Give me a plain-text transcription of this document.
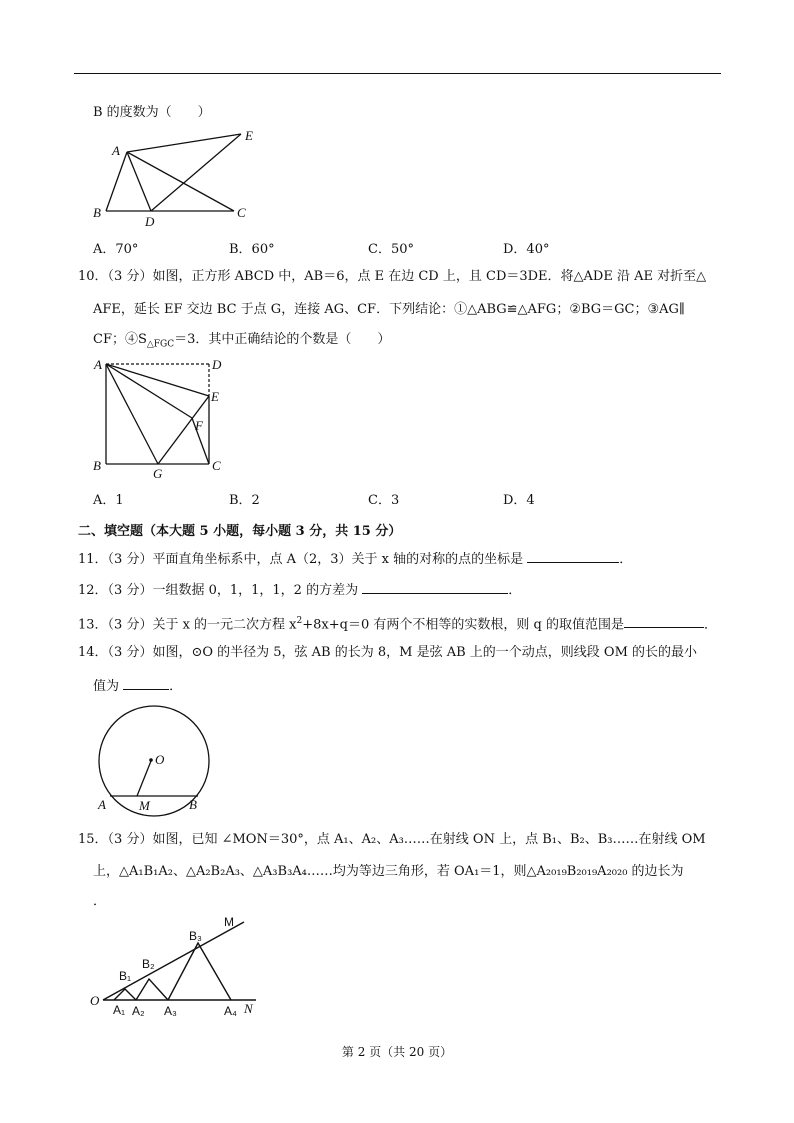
B 的度数为（　　）
A
E
B
D
C
A．70°	B．60°	C．50°	D．40°
10．（3 分）如图，正方形 ABCD 中，AB＝6，点 E 在边 CD 上，且 CD＝3DE．将△ADE 沿 AE 对折至△
AFE，延长 EF 交边 BC 于点 G，连接 AG、CF．下列结论：①△ABG≌△AFG；②BG＝GC；③AG∥
CF；$④S_{\triangle FGC}=3$．其中正确结论的个数是（　　）
A	D
E
F
B
G
C
A．1	B．2	C．3	D．4
二、填空题（本大题 5 小题，每小题 3 分，共 15 分）
11．（3 分）平面直角坐标系中，点 A（2，3）关于 x 轴的对称的点的坐标是	．
12．（3 分）一组数据 0，1，1，1，2 的方差为	．
13．（3 分）关于 x 的一元二次方程 $x^2+8x+q=0$ 有两个不相等的实数根，则 q 的取值范围是	．
14．（3 分）如图，⊙O 的半径为 5，弦 AB 的长为 8，M 是弦 AB 上的一个动点，则线段 OM 的长的最小
值为	．
O
A	M	B
15．（3 分）如图，已知 ∠MON＝30°，点 A₁、A₂、A₃……在射线 ON 上，点 B₁、B₂、B₃……在射线 OM
上，△A₁B₁A₂、△A₂B₂A₃、△A₃B₃A₄……均为等边三角形，若 OA₁＝1，则△A₂₀₁₉B₂₀₁₉A₂₀₂₀ 的边长为
．
M
O
N
B₁
B₂
B₃
A₁ A₂ A₃	A₄
第 2 页（共 20 页）
